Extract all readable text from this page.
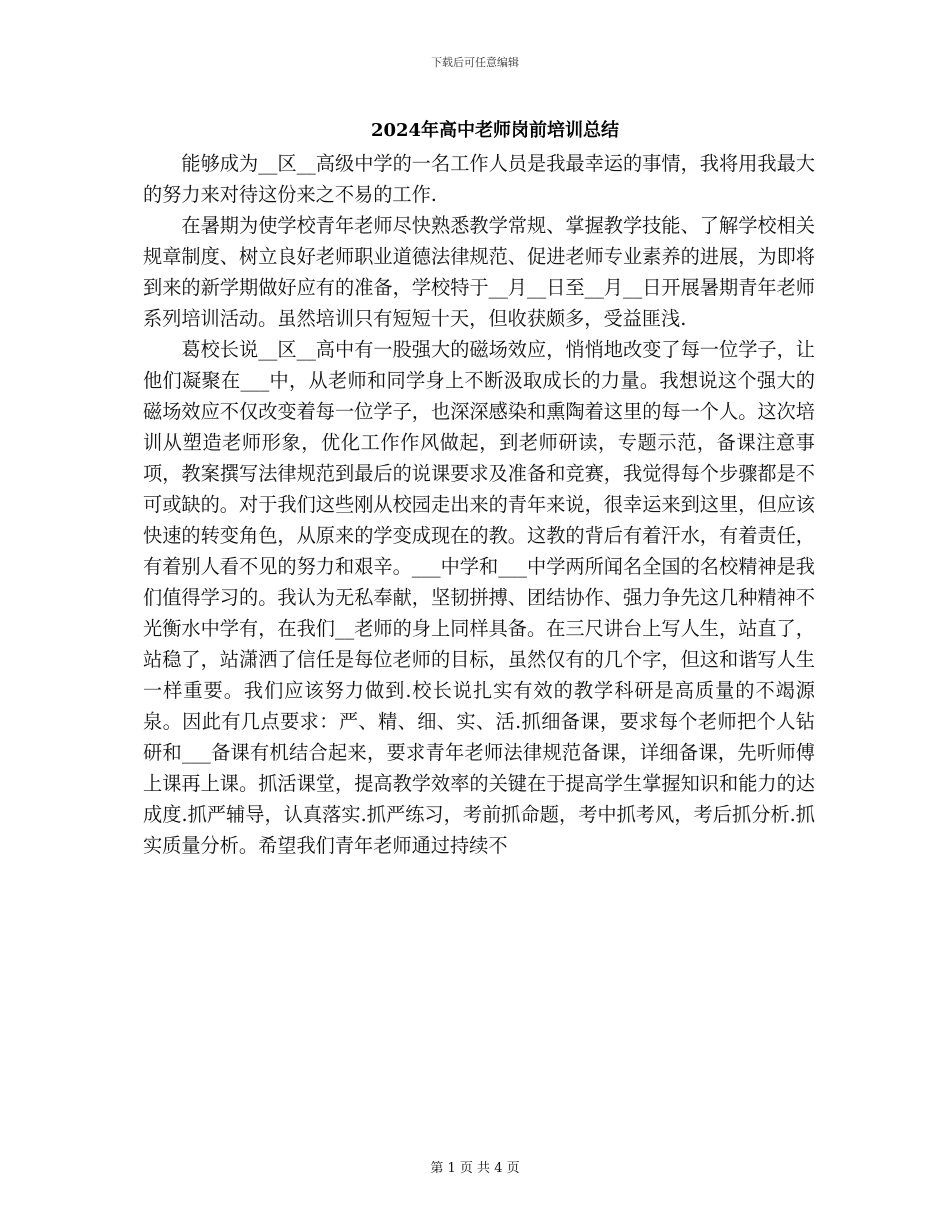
下载后可任意编辑
2024年高中老师岗前培训总结

能够成为__区__高级中学的一名工作人员是我最幸运的事情，我将用我最大的努力来对待这份来之不易的工作.

在暑期为使学校青年老师尽快熟悉教学常规、掌握教学技能、了解学校相关规章制度、树立良好老师职业道德法律规范、促进老师专业素养的进展，为即将到来的新学期做好应有的准备，学校特于__月__日至__月__日开展暑期青年老师系列培训活动。虽然培训只有短短十天，但收获颇多，受益匪浅.

葛校长说__区__高中有一股强大的磁场效应，悄悄地改变了每一位学子，让他们凝聚在___中，从老师和同学身上不断汲取成长的力量。我想说这个强大的磁场效应不仅改变着每一位学子，也深深感染和熏陶着这里的每一个人。这次培训从塑造老师形象，优化工作作风做起，到老师研读，专题示范，备课注意事项，教案撰写法律规范到最后的说课要求及准备和竞赛，我觉得每个步骤都是不可或缺的。对于我们这些刚从校园走出来的青年来说，很幸运来到这里，但应该快速的转变角色，从原来的学变成现在的教。这教的背后有着汗水，有着责任，有着别人看不见的努力和艰辛。___中学和___中学两所闻名全国的名校精神是我们值得学习的。我认为无私奉献，坚韧拼搏、团结协作、强力争先这几种精神不光衡水中学有，在我们__老师的身上同样具备。在三尺讲台上写人生，站直了，站稳了，站潇洒了信任是每位老师的目标，虽然仅有的几个字，但这和谐写人生一样重要。我们应该努力做到.校长说扎实有效的教学科研是高质量的不竭源泉。因此有几点要求：严、精、细、实、活.抓细备课，要求每个老师把个人钻研和___备课有机结合起来，要求青年老师法律规范备课，详细备课，先听师傅上课再上课。抓活课堂，提高教学效率的关键在于提高学生掌握知识和能力的达成度.抓严辅导，认真落实.抓严练习，考前抓命题，考中抓考风，考后抓分析.抓实质量分析。希望我们青年老师通过持续不

第 1 页 共 4 页
